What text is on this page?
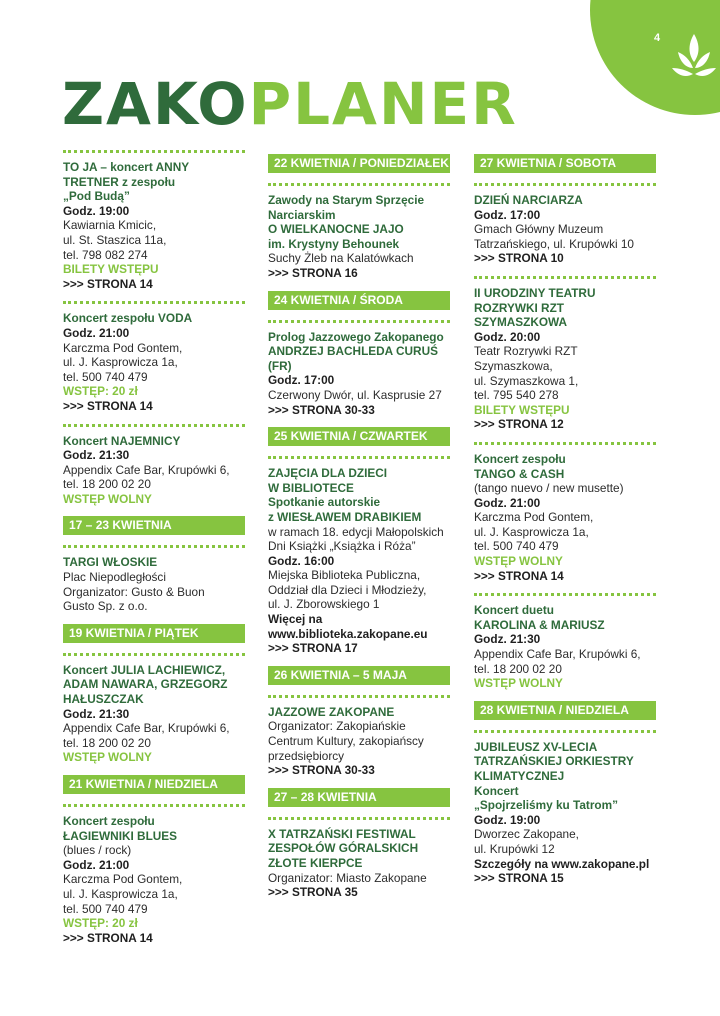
4
ZAKO PLANER
TO JA – koncert ANNY
TRETNER z zespołu
„Pod Budą”
Godz. 19:00
Kawiarnia Kmicic,
ul. St. Staszica 11a,
tel. 798 082 274
BILETY WSTĘPU
>>> STRONA 14
Koncert zespołu VODA
Godz. 21:00
Karczma Pod Gontem,
ul. J. Kasprowicza 1a,
tel. 500 740 479
WSTĘP: 20 zł
>>> STRONA 14
Koncert NAJEMNICY
Godz. 21:30
Appendix Cafe Bar, Krupówki 6,
tel. 18 200 02 20
WSTĘP WOLNY
17 – 23 KWIETNIA
TARGI WŁOSKIE
Plac Niepodległości
Organizator: Gusto & Buon
Gusto Sp. z o.o.
19 KWIETNIA / PIĄTEK
Koncert JULIA LACHIEWICZ,
ADAM NAWARA, GRZEGORZ
HAŁUSZCZAK
Godz. 21:30
Appendix Cafe Bar, Krupówki 6,
tel. 18 200 02 20
WSTĘP WOLNY
21 KWIETNIA / NIEDZIELA
Koncert zespołu
ŁAGIEWNIKI BLUES
(blues / rock)
Godz. 21:00
Karczma Pod Gontem,
ul. J. Kasprowicza 1a,
tel. 500 740 479
WSTĘP: 20 zł
>>> STRONA 14
22 KWIETNIA / PONIEDZIAŁEK
Zawody na Starym Sprzęcie
Narciarskim
O WIELKANOCNE JAJO
im. Krystyny Behounek
Suchy Żleb na Kalatówkach
>>> STRONA 16
24 KWIETNIA / ŚRODA
Prolog Jazzowego Zakopanego
ANDRZEJ BACHLEDA CURUŚ
(FR)
Godz. 17:00
Czerwony Dwór, ul. Kasprusie 27
>>> STRONA 30-33
25 KWIETNIA / CZWARTEK
ZAJĘCIA DLA DZIECI
W BIBLIOTECE
Spotkanie autorskie
z WIESŁAWEM DRABIKIEM
w ramach 18. edycji Małopolskich
Dni Książki „Książka i Róża”
Godz. 16:00
Miejska Biblioteka Publiczna,
Oddział dla Dzieci i Młodzieży,
ul. J. Zborowskiego 1
Więcej na
www.biblioteka.zakopane.eu
>>> STRONA 17
26 KWIETNIA – 5 MAJA
JAZZOWE ZAKOPANE
Organizator: Zakopiańskie
Centrum Kultury, zakopiańscy
przedsiębiorcy
>>> STRONA 30-33
27 – 28 KWIETNIA
X TATRZAŃSKI FESTIWAL
ZESPOŁÓW GÓRALSKICH
ZŁOTE KIERPCE
Organizator: Miasto Zakopane
>>> STRONA 35
27 KWIETNIA / SOBOTA
DZIEŃ NARCIARZA
Godz. 17:00
Gmach Główny Muzeum
Tatrzańskiego, ul. Krupówki 10
>>> STRONA 10
II URODZINY TEATRU
ROZRYWKI RZT
SZYMASZKOWA
Godz. 20:00
Teatr Rozrywki RZT
Szymaszkowa,
ul. Szymaszkowa 1,
tel. 795 540 278
BILETY WSTĘPU
>>> STRONA 12
Koncert zespołu
TANGO & CASH
(tango nuevo / new musette)
Godz. 21:00
Karczma Pod Gontem,
ul. J. Kasprowicza 1a,
tel. 500 740 479
WSTĘP WOLNY
>>> STRONA 14
Koncert duetu
KAROLINA & MARIUSZ
Godz. 21:30
Appendix Cafe Bar, Krupówki 6,
tel. 18 200 02 20
WSTĘP WOLNY
28 KWIETNIA / NIEDZIELA
JUBILEUSZ XV-LECIA
TATRZAŃSKIEJ ORKIESTRY
KLIMATYCZNEJ
Koncert
„Spojrzeliśmy ku Tatrom”
Godz. 19:00
Dworzec Zakopane,
ul. Krupówki 12
Szczegóły na www.zakopane.pl
>>> STRONA 15
